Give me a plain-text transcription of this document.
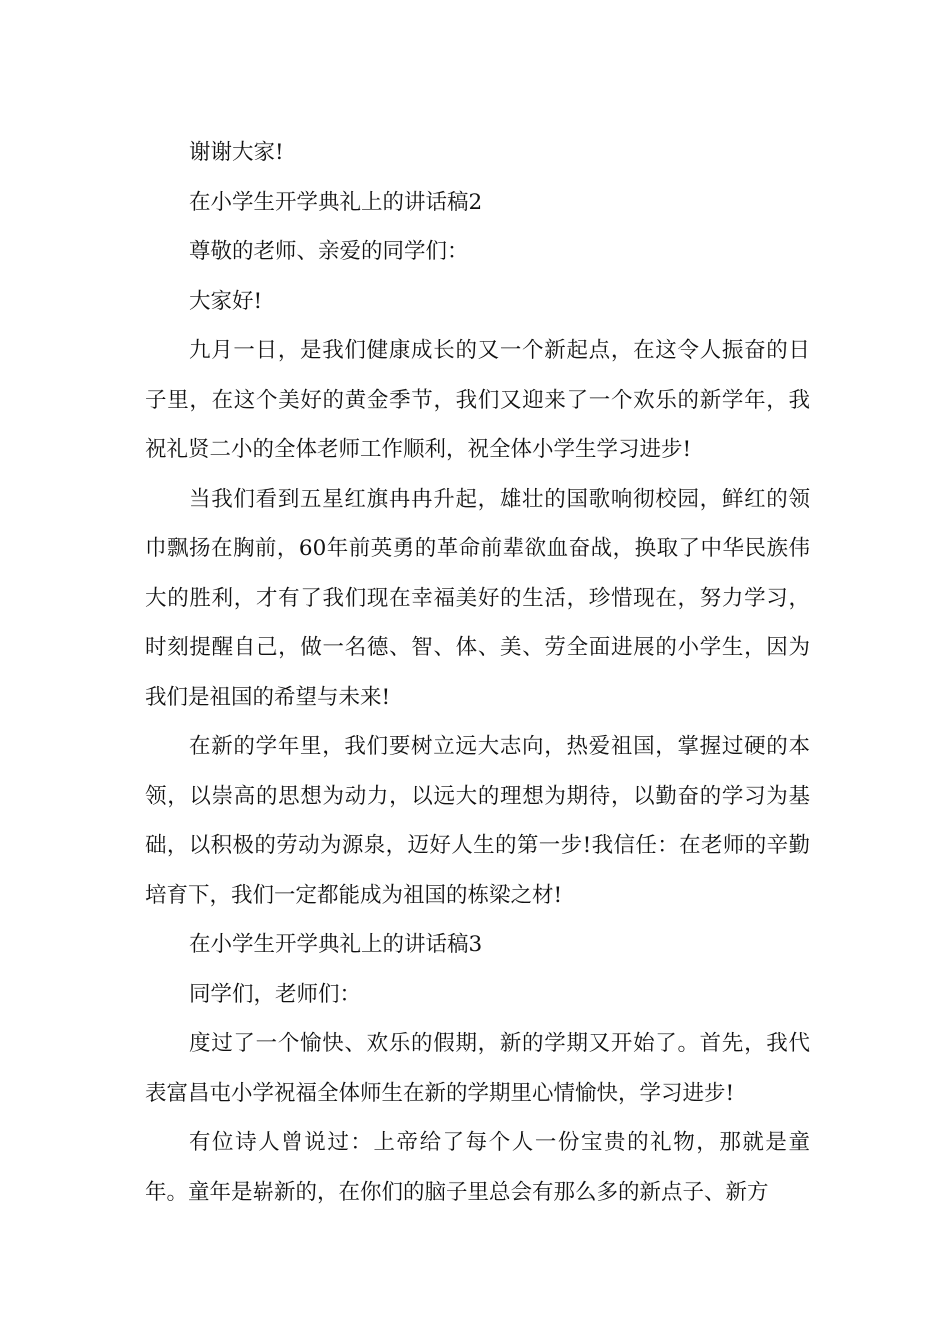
谢谢大家!

在小学生开学典礼上的讲话稿2

尊敬的老师、亲爱的同学们：

大家好!

九月一日，是我们健康成长的又一个新起点，在这令人振奋的日子里，在这个美好的黄金季节，我们又迎来了一个欢乐的新学年，我祝礼贤二小的全体老师工作顺利，祝全体小学生学习进步!

当我们看到五星红旗冉冉升起，雄壮的国歌响彻校园，鲜红的领巾飘扬在胸前，60年前英勇的革命前辈欲血奋战，换取了中华民族伟大的胜利，才有了我们现在幸福美好的生活，珍惜现在，努力学习，时刻提醒自己，做一名德、智、体、美、劳全面进展的小学生，因为我们是祖国的希望与未来!

在新的学年里，我们要树立远大志向，热爱祖国，掌握过硬的本领，以崇高的思想为动力，以远大的理想为期待，以勤奋的学习为基础，以积极的劳动为源泉，迈好人生的第一步!我信任：在老师的辛勤培育下，我们一定都能成为祖国的栋梁之材!

在小学生开学典礼上的讲话稿3

同学们，老师们：

度过了一个愉快、欢乐的假期，新的学期又开始了。首先，我代表富昌屯小学祝福全体师生在新的学期里心情愉快，学习进步!

有位诗人曾说过：上帝给了每个人一份宝贵的礼物，那就是童年。童年是崭新的，在你们的脑子里总会有那么多的新点子、新方
